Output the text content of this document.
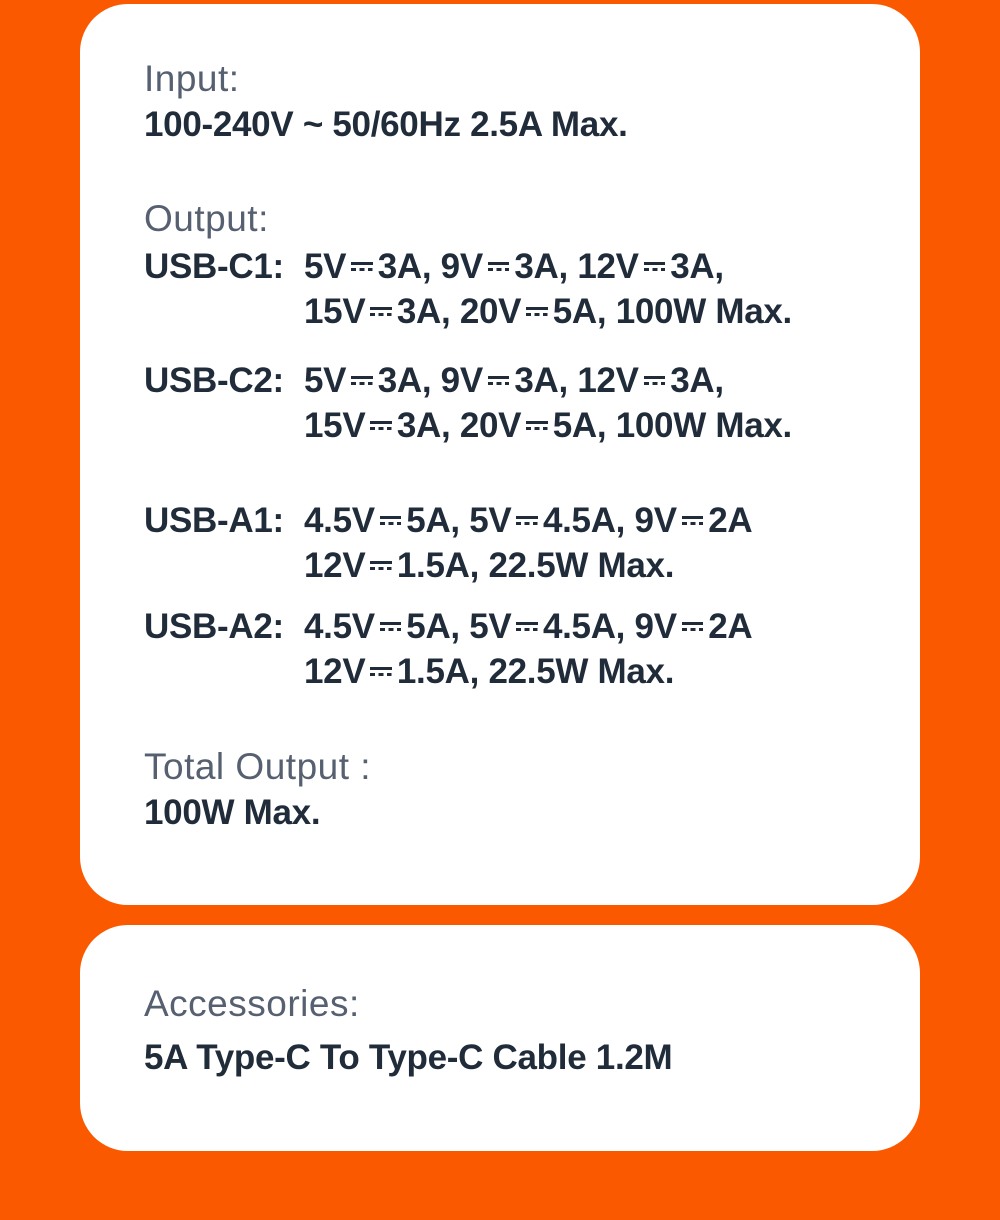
Input:
100-240V ~ 50/60Hz 2.5A Max.
Output:
USB-C1: 5V 3A, 9V 3A, 12V 3A,
15V 3A, 20V 5A, 100W Max.
USB-C2: 5V 3A, 9V 3A, 12V 3A,
15V 3A, 20V 5A, 100W Max.
USB-A1: 4.5V 5A, 5V 4.5A, 9V 2A
12V 1.5A, 22.5W Max.
USB-A2: 4.5V 5A, 5V 4.5A, 9V 2A
12V 1.5A, 22.5W Max.
Total Output :
100W Max.
Accessories:
5A Type-C To Type-C Cable 1.2M
